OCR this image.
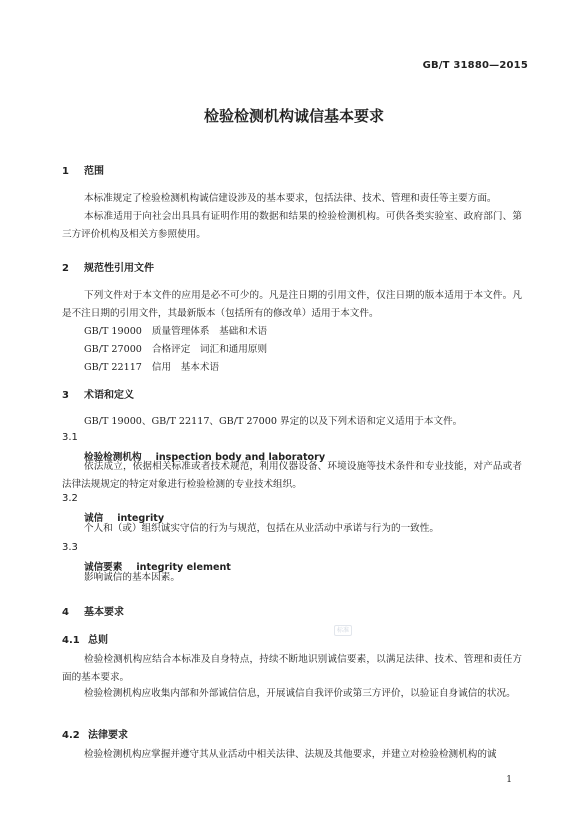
GB/T 31880—2015
检验检测机构诚信基本要求
1 范围
本标准规定了检验检测机构诚信建设涉及的基本要求，包括法律、技术、管理和责任等主要方面。
本标准适用于向社会出具具有证明作用的数据和结果的检验检测机构。可供各类实验室、政府部门、第三方评价机构及相关方参照使用。
2 规范性引用文件
下列文件对于本文件的应用是必不可少的。凡是注日期的引用文件，仅注日期的版本适用于本文件。凡是不注日期的引用文件，其最新版本（包括所有的修改单）适用于本文件。
GB/T 19000 质量管理体系　基础和术语
GB/T 27000 合格评定　词汇和通用原则
GB/T 22117 信用　基本术语
3 术语和定义
GB/T 19000、GB/T 22117、GB/T 27000 界定的以及下列术语和定义适用于本文件。
3.1
检验检测机构 inspection body and laboratory
依法成立，依据相关标准或者技术规范，利用仪器设备、环境设施等技术条件和专业技能，对产品或者法律法规规定的特定对象进行检验检测的专业技术组织。
3.2
诚信 integrity
个人和（或）组织诚实守信的行为与规范，包括在从业活动中承诺与行为的一致性。
3.3
诚信要素 integrity element
影响诚信的基本因素。
4 基本要求
4.1 总则
标准
检验检测机构应结合本标准及自身特点，持续不断地识别诚信要素，以满足法律、技术、管理和责任方面的基本要求。
检验检测机构应收集内部和外部诚信信息，开展诚信自我评价或第三方评价，以验证自身诚信的状况。
4.2 法律要求
检验检测机构应掌握并遵守其从业活动中相关法律、法规及其他要求，并建立对检验检测机构的诚
1
